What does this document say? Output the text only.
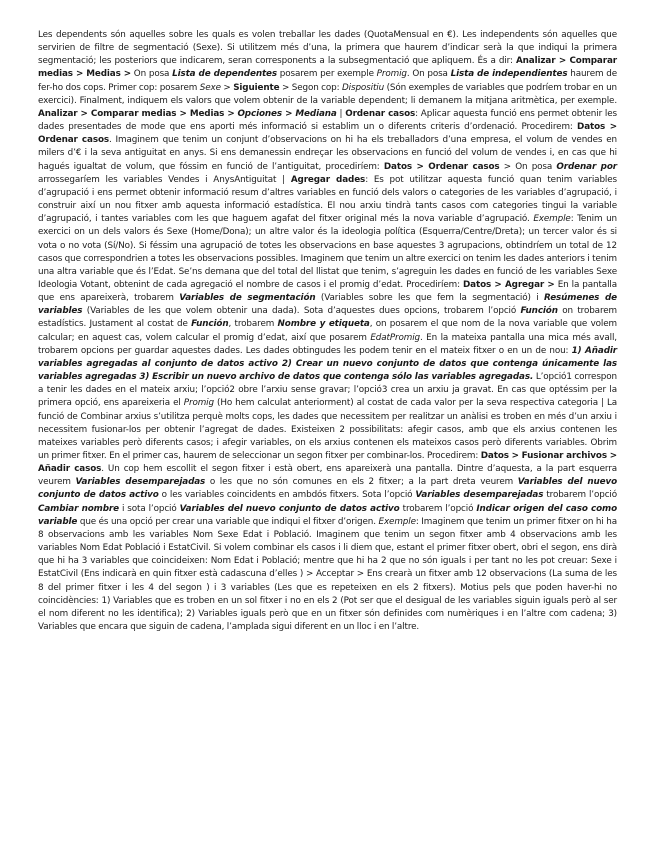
Les dependents són aquelles sobre les quals es volen treballar les dades (QuotaMensual en €). Les independents són aquelles que servirien de filtre de segmentació (Sexe). Si utilitzem més d’una, la primera que haurem d’indicar serà la que indiqui la primera segmentació; les posteriors que indicarem, seran corresponents a la subsegmentació que apliquem. És a dir: Analizar > Comparar medias > Medias > On posa Lista de dependentes posarem per exemple Promig. On posa Lista de independientes haurem de fer-ho dos cops. Primer cop: posarem Sexe > Siguiente > Segon cop: Dispositiu (Són exemples de variables que podríem trobar en un exercici). Finalment, indiquem els valors que volem obtenir de la variable dependent; li demanem la mitjana aritmètica, per exemple. Analizar > Comparar medias > Medias > Opciones > Mediana | Ordenar casos: Aplicar aquesta funció ens permet obtenir les dades presentades de mode que ens aporti més informació si establim un o diferents criteris d’ordenació. Procedirem: Datos > Ordenar casos. Imaginem que tenim un conjunt d’observacions on hi ha els treballadors d’una empresa, el volum de vendes en milers d’€ i la seva antiguitat en anys. Si ens demanessin endreçar les observacions en funció del volum de vendes i, en cas que hi hagués igualtat de volum, que fóssim en funció de l’antiguitat, procediríem: Datos > Ordenar casos > On posa Ordenar por arrossegaríem les variables Vendes i AnysAntiguitat | Agregar dades: Es pot utilitzar aquesta funció quan tenim variables d’agrupació i ens permet obtenir informació resum d’altres variables en funció dels valors o categories de les variables d’agrupació, i construir així un nou fitxer amb aquesta informació estadística. El nou arxiu tindrà tants casos com categories tingui la variable d’agrupació, i tantes variables com les que haguem agafat del fitxer original més la nova variable d’agrupació. Exemple: Tenim un exercici on un dels valors és Sexe (Home/Dona); un altre valor és la ideologia política (Esquerra/Centre/Dreta); un tercer valor és si vota o no vota (Sí/No). Si féssim una agrupació de totes les observacions en base aquestes 3 agrupacions, obtindríem un total de 12 casos que correspondrien a totes les observacions possibles. Imaginem que tenim un altre exercici on tenim les dades anteriors i tenim una altra variable que és l’Edat. Se’ns demana que del total del llistat que tenim, s’agreguin les dades en funció de les variables Sexe Ideologia Votant, obtenint de cada agregació el nombre de casos i el promig d’edat. Procediríem: Datos > Agregar > En la pantalla que ens apareixerà, trobarem Variables de segmentación (Variables sobre les que fem la segmentació) i Resúmenes de variables (Variables de les que volem obtenir una dada). Sota d’aquestes dues opcions, trobarem l’opció Función on trobarem estadístics. Justament al costat de Función, trobarem Nombre y etiqueta, on posarem el que nom de la nova variable que volem calcular; en aquest cas, volem calcular el promig d’edat, així que posarem EdatPromig. En la mateixa pantalla una mica més avall, trobarem opcions per guardar aquestes dades. Les dades obtingudes les podem tenir en el mateix fitxer o en un de nou: 1) Añadir variables agregadas al conjunto de datos activo 2) Crear un nuevo conjunto de datos que contenga únicamente las variables agregadas 3) Escribir un nuevo archivo de datos que contenga sólo las variables agregadas. L’opció1 correspon a tenir les dades en el mateix arxiu; l’opció2 obre l’arxiu sense gravar; l’opció3 crea un arxiu ja gravat. En cas que optéssim per la primera opció, ens apareixeria el Promig (Ho hem calculat anteriorment) al costat de cada valor per la seva respectiva categoria | La funció de Combinar arxius s’utilitza perquè molts cops, les dades que necessitem per realitzar un anàlisi es troben en més d’un arxiu i necessitem fusionar-los per obtenir l’agregat de dades. Existeixen 2 possibilitats: afegir casos, amb que els arxius contenen les mateixes variables però diferents casos; i afegir variables, on els arxius contenen els mateixos casos però diferents variables. Obrim un primer fitxer. En el primer cas, haurem de seleccionar un segon fitxer per combinar-los. Procedirem: Datos > Fusionar archivos > Añadir casos. Un cop hem escollit el segon fitxer i està obert, ens apareixerà una pantalla. Dintre d’aquesta, a la part esquerra veurem Variables desemparejadas o les que no són comunes en els 2 fitxer; a la part dreta veurem Variables del nuevo conjunto de datos activo o les variables coincidents en ambdós fitxers. Sota l’opció Variables desemparejadas trobarem l’opció Cambiar nombre i sota l’opció Variables del nuevo conjunto de datos activo trobarem l’opció Indicar origen del caso como variable que és una opció per crear una variable que indiqui el fitxer d’origen. Exemple: Imaginem que tenim un primer fitxer on hi ha 8 observacions amb les variables Nom Sexe Edat i Població. Imaginem que tenim un segon fitxer amb 4 observacions amb les variables Nom Edat Població i EstatCivil. Si volem combinar els casos i li diem que, estant el primer fitxer obert, obri el segon, ens dirà que hi ha 3 variables que coincideixen: Nom Edat i Població; mentre que hi ha 2 que no són iguals i per tant no les pot creuar: Sexe i EstatCivil (Ens indicarà en quin fitxer està cadascuna d’elles ) > Acceptar > Ens crearà un fitxer amb 12 observacions (La suma de les 8 del primer fitxer i les 4 del segon ) i 3 variables (Les que es repeteixen en els 2 fitxers). Motius pels que poden haver-hi no coincidències: 1) Variables que es troben en un sol fitxer i no en els 2 (Pot ser que el desigual de les variables siguin iguals però al ser el nom diferent no les identifica); 2) Variables iguals però que en un fitxer són definides com numèriques i en l’altre com cadena; 3) Variables que encara que siguin de cadena, l’amplada sigui diferent en un lloc i en l’altre.
